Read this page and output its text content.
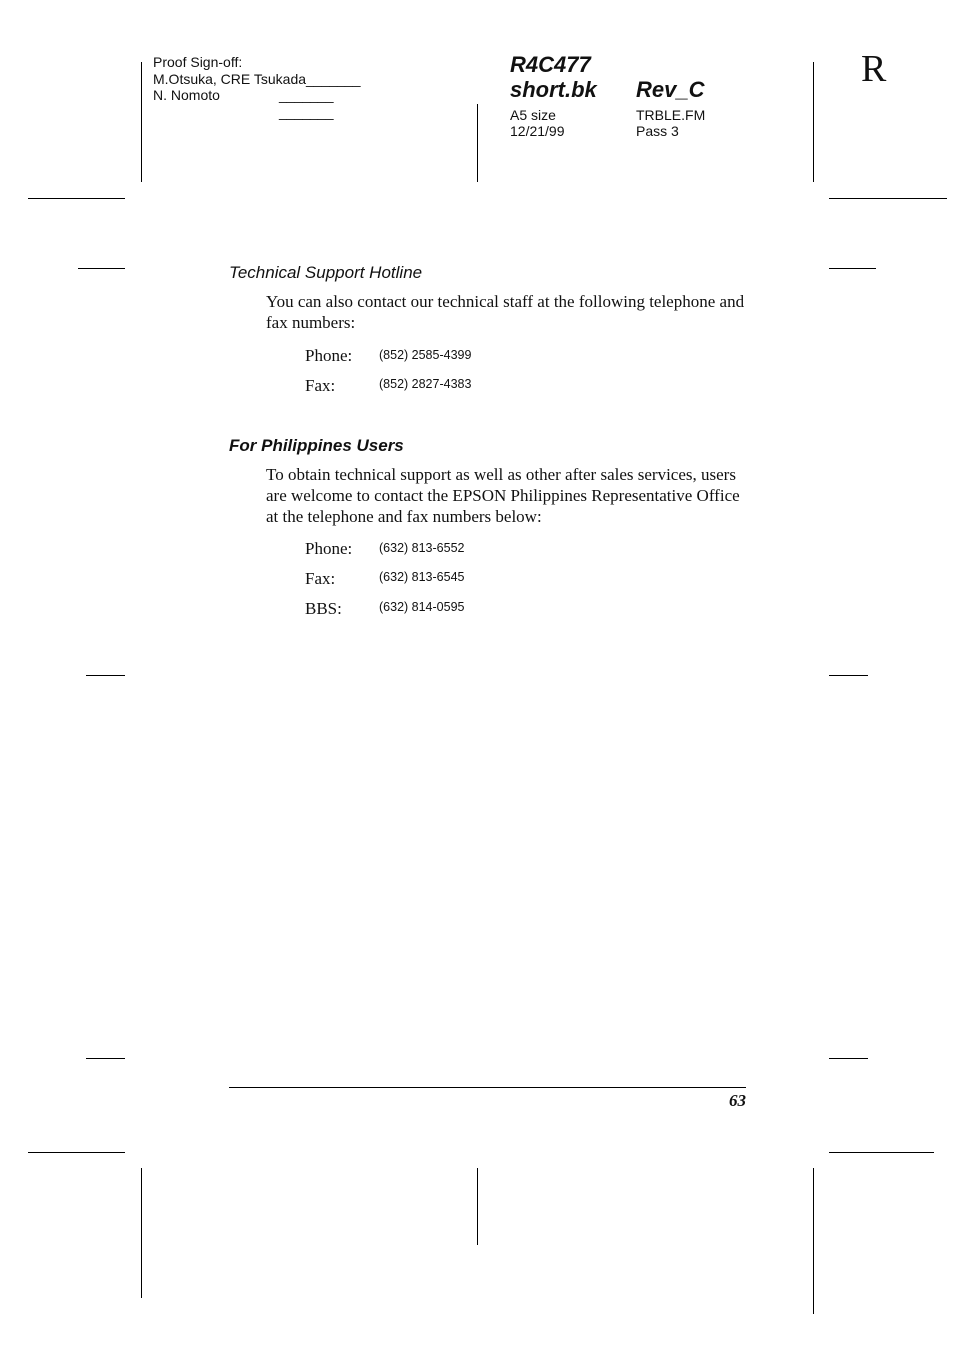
Proof Sign-off:
M.Otsuka, CRE Tsukada_______
N. Nomoto	_______
_______
R4C477
short.bk Rev_C
A5 size
12/21/99
TRBLE.FM
Pass 3
R
Technical Support Hotline
You can also contact our technical staff at the following telephone and fax numbers:
Phone: (852) 2585-4399
Fax:	(852) 2827-4383
For Philippines Users
To obtain technical support as well as other after sales services, users are welcome to contact the EPSON Philippines Representative Office at the telephone and fax numbers below:
Phone: (632) 813-6552
Fax:	(632) 813-6545
BBS:	(632) 814-0595
63
